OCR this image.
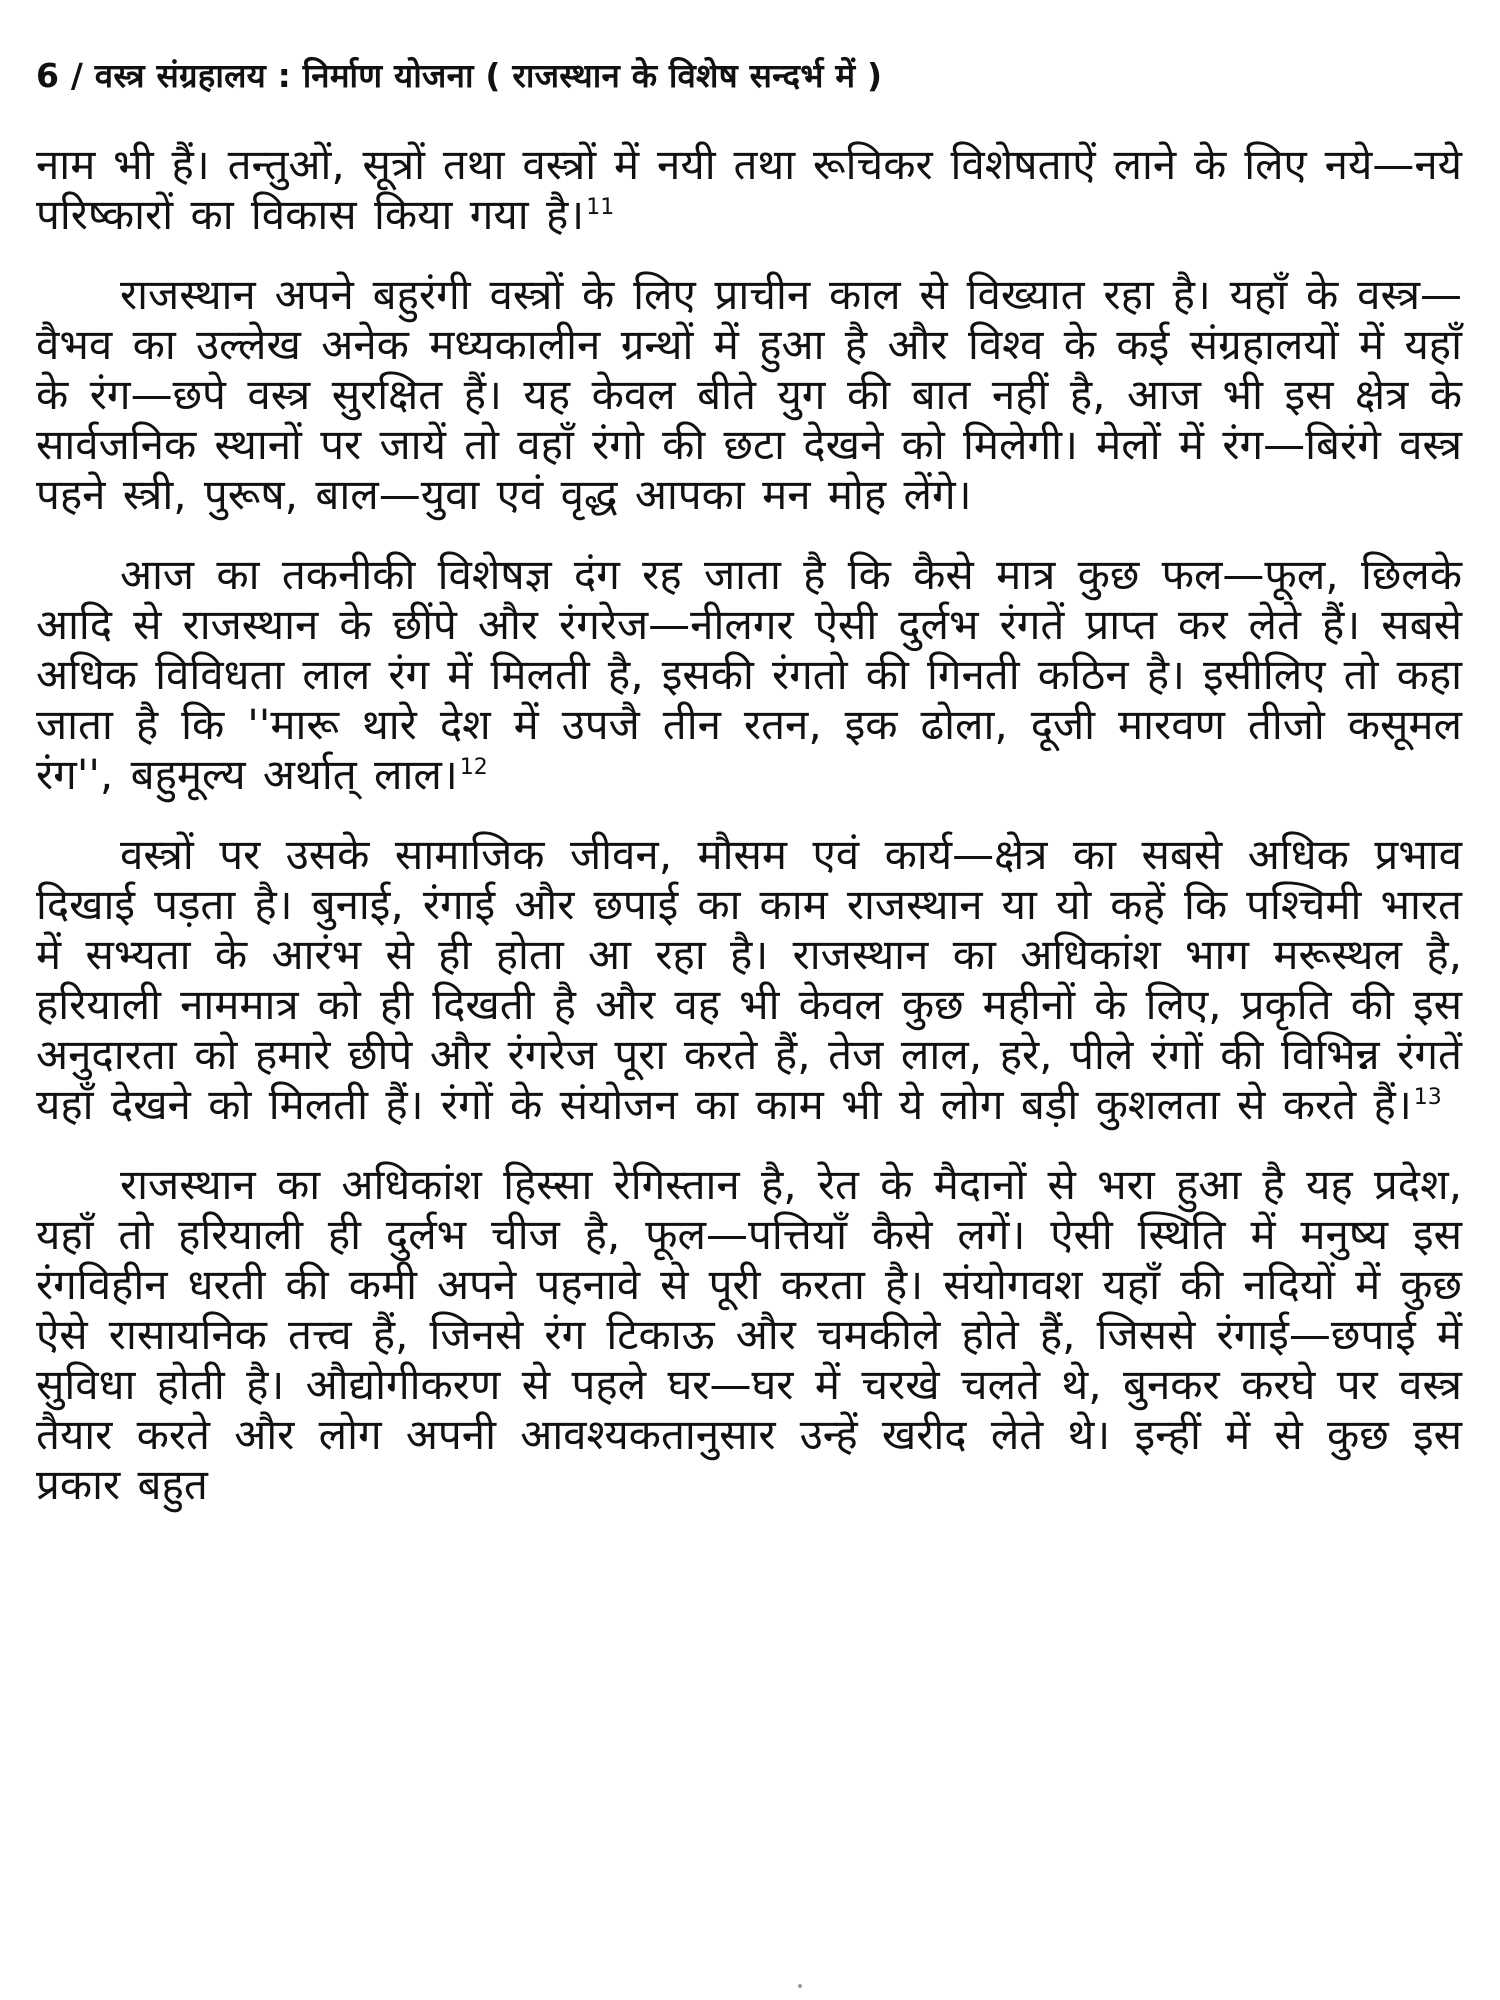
6 / वस्त्र संग्रहालय : निर्माण योजना ( राजस्थान के विशेष सन्दर्भ में )

नाम भी हैं। तन्तुओं, सूत्रों तथा वस्त्रों में नयी तथा रूचिकर विशेषताऐं लाने के लिए नये—नये परिष्कारों का विकास किया गया है।$^{11}$

राजस्थान अपने बहुरंगी वस्त्रों के लिए प्राचीन काल से विख्यात रहा है। यहाँ के वस्त्र—वैभव का उल्लेख अनेक मध्यकालीन ग्रन्थों में हुआ है और विश्व के कई संग्रहालयों में यहाँ के रंग—छपे वस्त्र सुरक्षित हैं। यह केवल बीते युग की बात नहीं है, आज भी इस क्षेत्र के सार्वजनिक स्थानों पर जायें तो वहाँ रंगो की छटा देखने को मिलेगी। मेलों में रंग—बिरंगे वस्त्र पहने स्त्री, पुरूष, बाल—युवा एवं वृद्ध आपका मन मोह लेंगे।

आज का तकनीकी विशेषज्ञ दंग रह जाता है कि कैसे मात्र कुछ फल—फूल, छिलके आदि से राजस्थान के छींपे और रंगरेज—नीलगर ऐसी दुर्लभ रंगतें प्राप्त कर लेते हैं। सबसे अधिक विविधता लाल रंग में मिलती है, इसकी रंगतो की गिनती कठिन है। इसीलिए तो कहा जाता है कि ''मारू थारे देश में उपजै तीन रतन, इक ढोला, दूजी मारवण तीजो कसूमल रंग'', बहुमूल्य अर्थात् लाल।$^{12}$

वस्त्रों पर उसके सामाजिक जीवन, मौसम एवं कार्य—क्षेत्र का सबसे अधिक प्रभाव दिखाई पड़ता है। बुनाई, रंगाई और छपाई का काम राजस्थान या यो कहें कि पश्चिमी भारत में सभ्यता के आरंभ से ही होता आ रहा है। राजस्थान का अधिकांश भाग मरूस्थल है, हरियाली नाममात्र को ही दिखती है और वह भी केवल कुछ महीनों के लिए, प्रकृति की इस अनुदारता को हमारे छीपे और रंगरेज पूरा करते हैं, तेज लाल, हरे, पीले रंगों की विभिन्न रंगतें यहाँ देखने को मिलती हैं। रंगों के संयोजन का काम भी ये लोग बड़ी कुशलता से करते हैं।$^{13}$

राजस्थान का अधिकांश हिस्सा रेगिस्तान है, रेत के मैदानों से भरा हुआ है यह प्रदेश, यहाँ तो हरियाली ही दुर्लभ चीज है, फूल—पत्तियाँ कैसे लगें। ऐसी स्थिति में मनुष्य इस रंगविहीन धरती की कमी अपने पहनावे से पूरी करता है। संयोगवश यहाँ की नदियों में कुछ ऐसे रासायनिक तत्त्व हैं, जिनसे रंग टिकाऊ और चमकीले होते हैं, जिससे रंगाई—छपाई में सुविधा होती है। औद्योगीकरण से पहले घर—घर में चरखे चलते थे, बुनकर करघे पर वस्त्र तैयार करते और लोग अपनी आवश्यकतानुसार उन्हें खरीद लेते थे। इन्हीं में से कुछ इस प्रकार बहुत
